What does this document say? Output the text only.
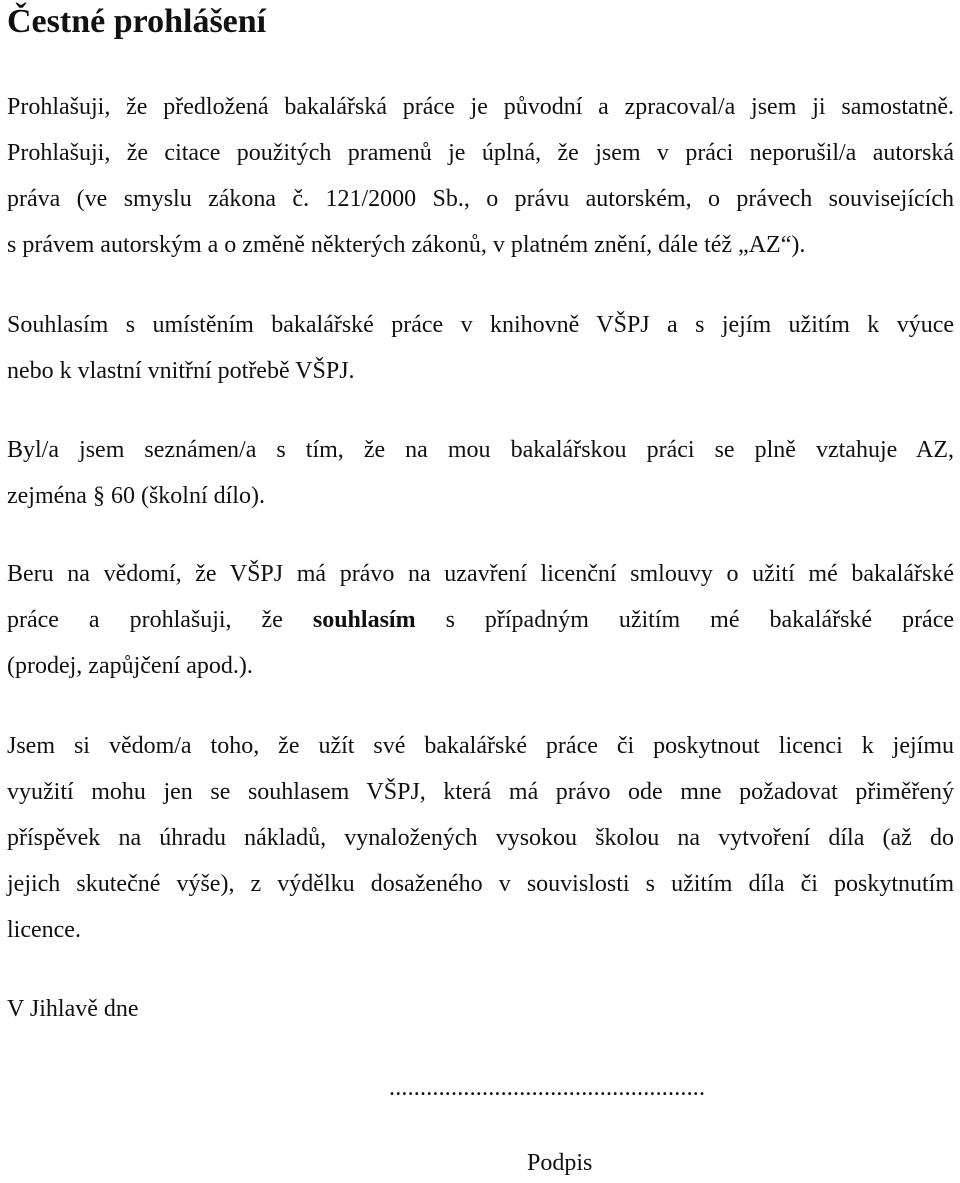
Čestné prohlášení
Prohlašuji, že předložená bakalářská práce je původní a zpracoval/a jsem ji samostatně.
Prohlašuji, že citace použitých pramenů je úplná, že jsem v práci neporušil/a autorská
práva (ve smyslu zákona č. 121/2000 Sb., o právu autorském, o právech souvisejících
s právem autorským a o změně některých zákonů, v platném znění, dále též „AZ“).
Souhlasím s umístěním bakalářské práce v knihovně VŠPJ a s jejím užitím k výuce
nebo k vlastní vnitřní potřebě VŠPJ.
Byl/a jsem seznámen/a s tím, že na mou bakalářskou práci se plně vztahuje AZ,
zejména § 60 (školní dílo).
Beru na vědomí, že VŠPJ má právo na uzavření licenční smlouvy o užití mé bakalářské
práce a prohlašuji, že souhlasím s případným užitím mé bakalářské práce
(prodej, zapůjčení apod.).
Jsem si vědom/a toho, že užít své bakalářské práce či poskytnout licenci k jejímu
využití mohu jen se souhlasem VŠPJ, která má právo ode mne požadovat přiměřený
příspěvek na úhradu nákladů, vynaložených vysokou školou na vytvoření díla (až do
jejich skutečné výše), z výdělku dosaženého v souvislosti s užitím díla či poskytnutím
licence.

V Jihlavě dne

...................................................

Podpis
